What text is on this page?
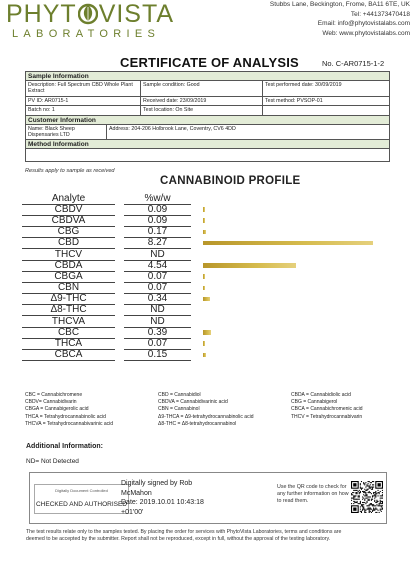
PHYT VISTA
LABORATORIES
Stubbs Lane, Beckington, Frome, BA11 6TE, UK
Tel: +441373470418
Email: info@phytovistalabs.com
Web: www.phytovistalabs.com
CERTIFICATE OF ANALYSIS	No. C-AR0715-1-2
Sample Information
Description: Full Spectrum CBD Whole Plant Extract
Sample condition: Good	Test performed date: 30/09/2019
PV ID: AR0715-1	Received date: 23/09/2019	Test method: PVSOP-01
Batch no: 1	Test location: On Site
Customer Information
Name: Black Sheep Dispensaries LTD
Address: 204-206 Holbrook Lane, Coventry, CV6 4DD
Method Information
Results apply to sample as received
CANNABINOID PROFILE
Analyte	%w/w
CBDV	0.09
CBDVA	0.09
CBG	0.17
CBD	8.27
THCV	ND
CBDA	4.54
CBGA	0.07
CBN	0.07
Δ9-THC	0.34
Δ8-THC	ND
THCVA	ND
CBC	0.39
THCA	0.07
CBCA	0.15
CBC = Cannabichromene	CBD = Cannabidiol	CBDA = Cannabidiolic acid
CBDV= Cannabidivarin	CBDVA = Cannabidivarinic acid	CBG = Cannabigerol
CBGA = Cannabigerolic acid	CBN = Cannabinol	CBCA = Cannabichromenic acid
THCA = Tetrahydrocannabinolic acid	Δ9-THCA = Δ9-tetrahydrocannabinolic acid	THCV = Tetrahydrocannabivarin
THCVA = Tetrahydrocannabivarinic acid	Δ8-THC = Δ8-tetrahydrocannabinol
Additional Information:
ND= Not Detected
Digitally Document Controlled
CHECKED AND AUTHORISED
Digitally signed by Rob
McMahon
Date: 2019.10.01 10:43:18
+01'00'
Use the QR code to check for any further information on how to read them.
The test results relate only to the samples tested. By placing the order for services with PhytoVista Laboratories, terms and conditions are
deemed to be accepted by the submitter. Report shall not be reproduced, except in full, without the approval of the testing laboratory.
